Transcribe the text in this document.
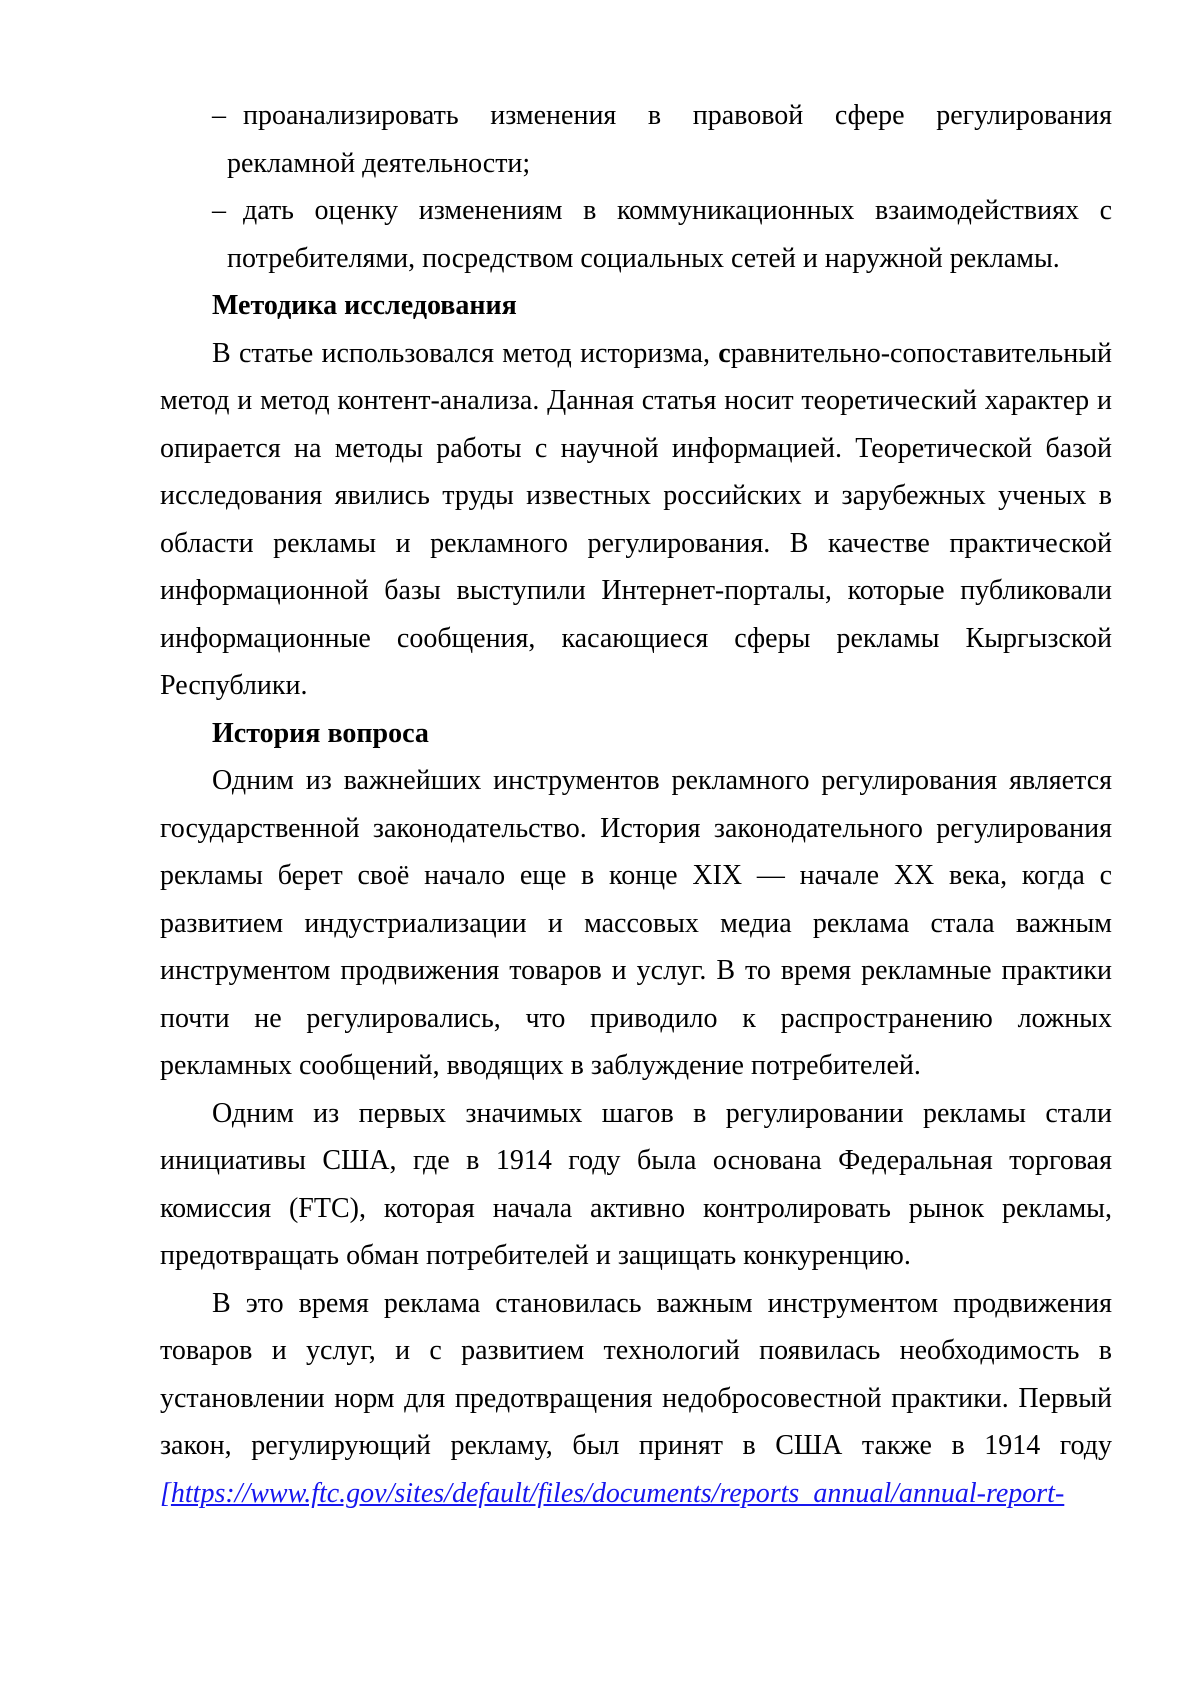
– проанализировать изменения в правовой сфере регулирования рекламной деятельности;
– дать оценку изменениям в коммуникационных взаимодействиях с потребителями, посредством социальных сетей и наружной рекламы.
Методика исследования

В статье использовался метод историзма, сравнительно-сопоставительный метод и метод контент-анализа. Данная статья носит теоретический характер и опирается на методы работы с научной информацией. Теоретической базой исследования явились труды известных российских и зарубежных ученых в области рекламы и рекламного регулирования. В качестве практической информационной базы выступили Интернет-порталы, которые публиковали информационные сообщения, касающиеся сферы рекламы Кыргызской Республики.

История вопроса

Одним из важнейших инструментов рекламного регулирования является государственной законодательство. История законодательного регулирования рекламы берет своё начало еще в конце XIX — начале XX века, когда с развитием индустриализации и массовых медиа реклама стала важным инструментом продвижения товаров и услуг. В то время рекламные практики почти не регулировались, что приводило к распространению ложных рекламных сообщений, вводящих в заблуждение потребителей.

Одним из первых значимых шагов в регулировании рекламы стали инициативы США, где в 1914 году была основана Федеральная торговая комиссия (FTC), которая начала активно контролировать рынок рекламы, предотвращать обман потребителей и защищать конкуренцию.

В это время реклама становилась важным инструментом продвижения товаров и услуг, и с развитием технологий появилась необходимость в установлении норм для предотвращения недобросовестной практики. Первый закон, регулирующий рекламу, был принят в США также в 1914 году [https://www.ftc.gov/sites/default/files/documents/reports_annual/annual-report-
